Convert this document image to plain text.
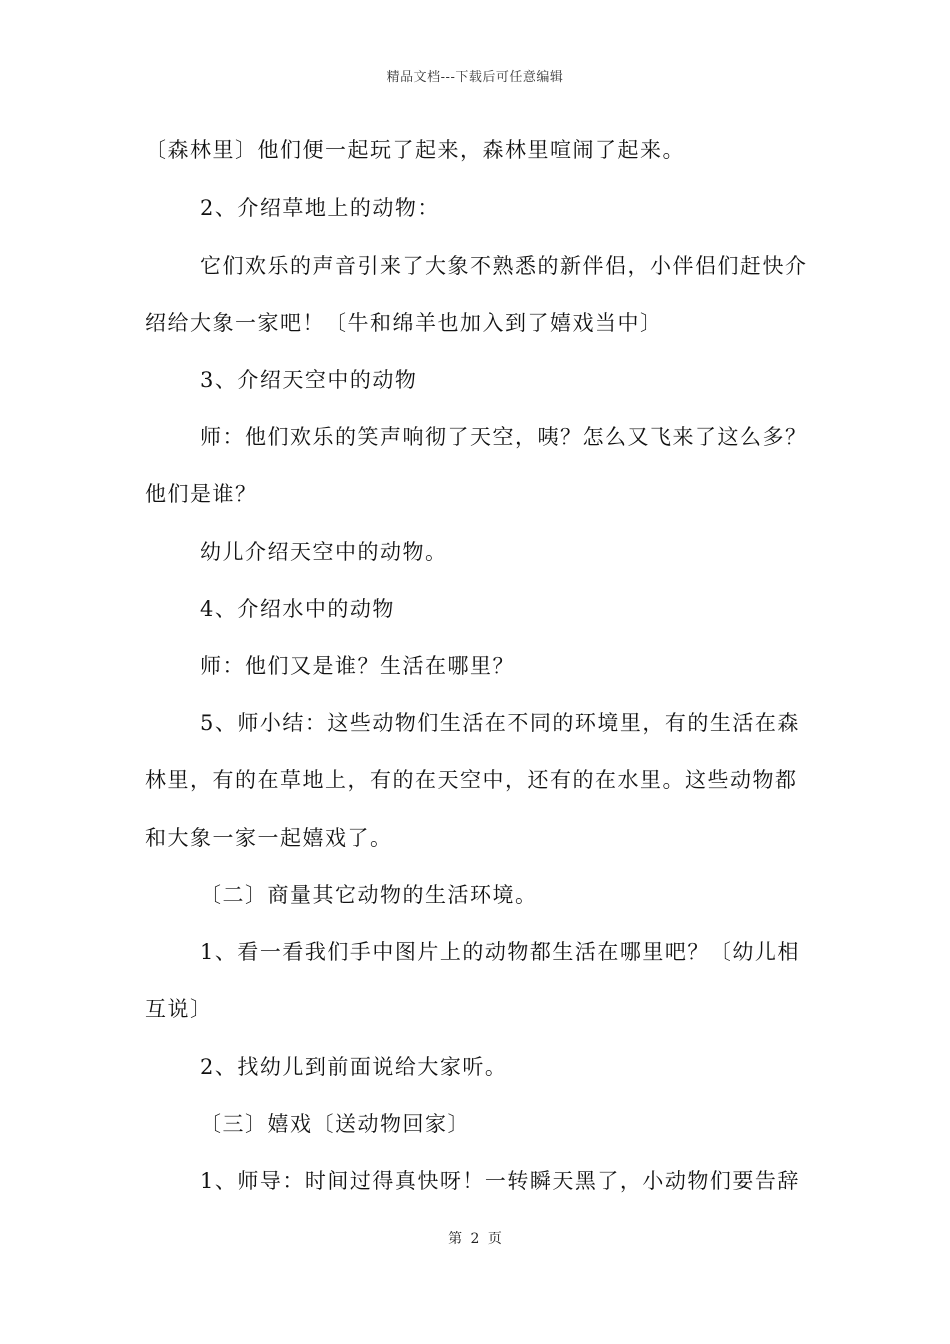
精品文档---下载后可任意编辑
〔森林里〕他们便一起玩了起来，森林里喧闹了起来。
2、介绍草地上的动物：
它们欢乐的声音引来了大象不熟悉的新伴侣，小伴侣们赶快介
绍给大象一家吧！〔牛和绵羊也加入到了嬉戏当中〕
3、介绍天空中的动物
师：他们欢乐的笑声响彻了天空，咦？怎么又飞来了这么多？
他们是谁？
幼儿介绍天空中的动物。
4、介绍水中的动物
师：他们又是谁？生活在哪里？
5、师小结：这些动物们生活在不同的环境里，有的生活在森
林里，有的在草地上，有的在天空中，还有的在水里。这些动物都
和大象一家一起嬉戏了。
〔二〕商量其它动物的生活环境。
1、看一看我们手中图片上的动物都生活在哪里吧？〔幼儿相
互说〕
2、找幼儿到前面说给大家听。
〔三〕嬉戏〔送动物回家〕
1、师导：时间过得真快呀！一转瞬天黑了，小动物们要告辞
第 2 页
